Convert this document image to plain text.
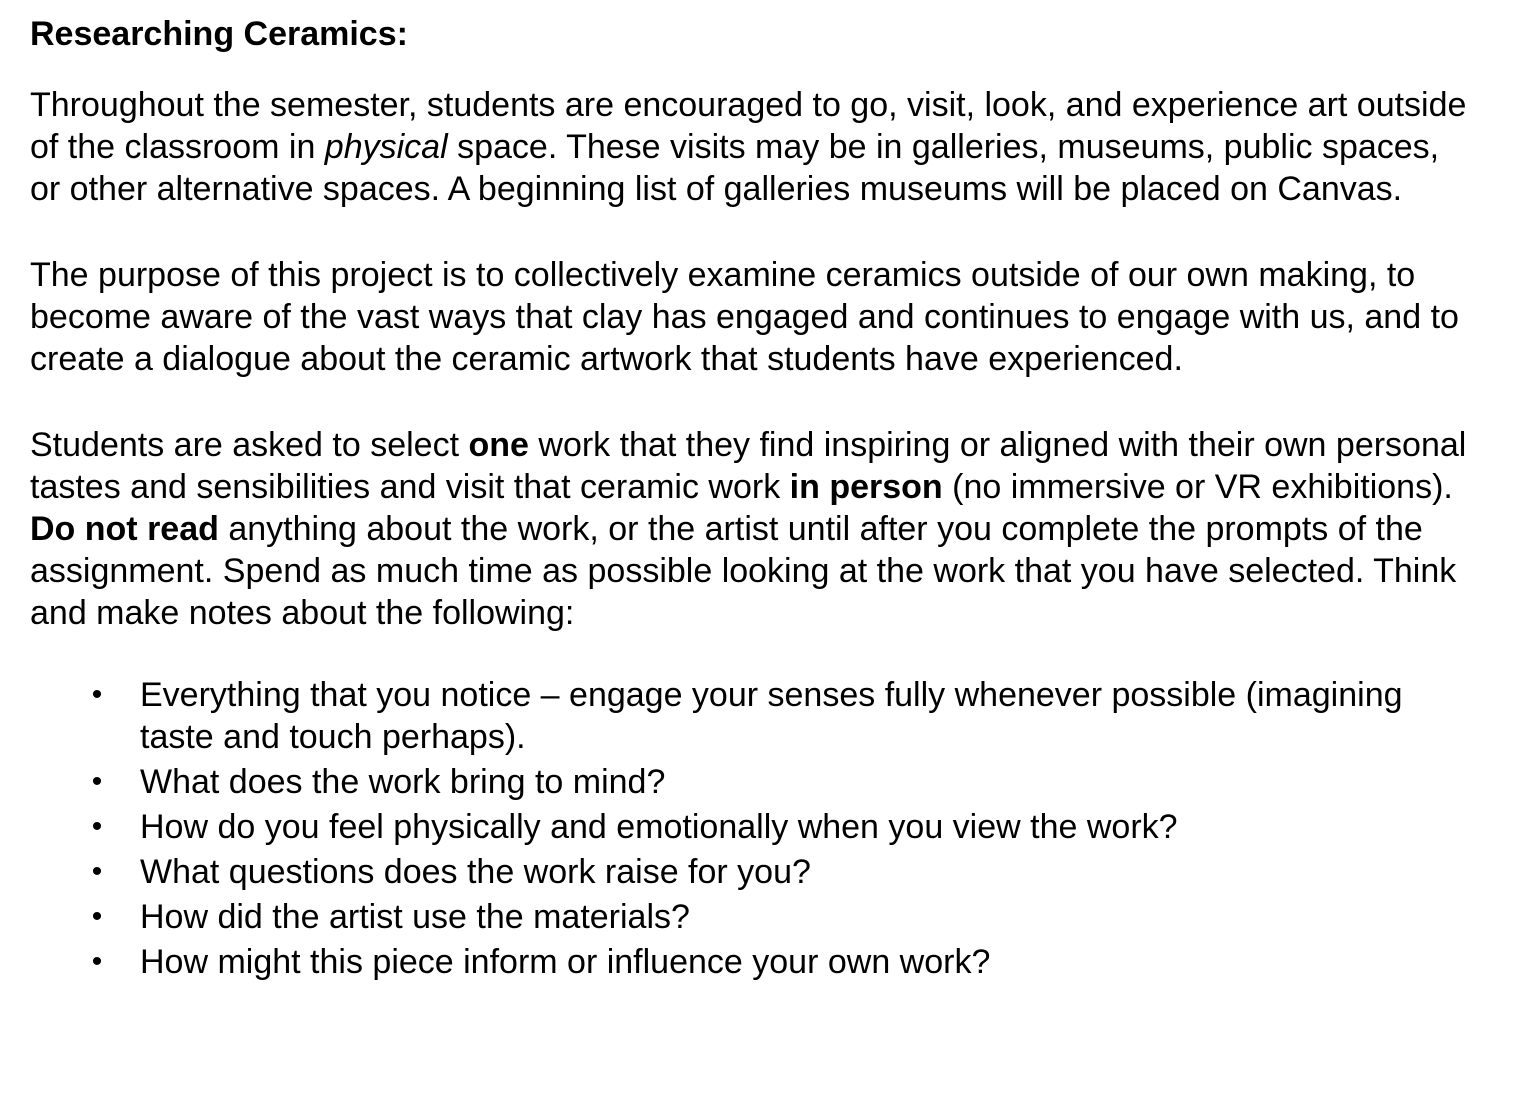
Researching Ceramics:

Throughout the semester, students are encouraged to go, visit, look, and experience art outside of the classroom in physical space. These visits may be in galleries, museums, public spaces, or other alternative spaces. A beginning list of galleries museums will be placed on Canvas.

The purpose of this project is to collectively examine ceramics outside of our own making, to become aware of the vast ways that clay has engaged and continues to engage with us, and to create a dialogue about the ceramic artwork that students have experienced.

Students are asked to select one work that they find inspiring or aligned with their own personal tastes and sensibilities and visit that ceramic work in person (no immersive or VR exhibitions). Do not read anything about the work, or the artist until after you complete the prompts of the assignment. Spend as much time as possible looking at the work that you have selected. Think and make notes about the following:

• Everything that you notice – engage your senses fully whenever possible (imagining taste and touch perhaps).
• What does the work bring to mind?
• How do you feel physically and emotionally when you view the work?
• What questions does the work raise for you?
• How did the artist use the materials?
• How might this piece inform or influence your own work?
